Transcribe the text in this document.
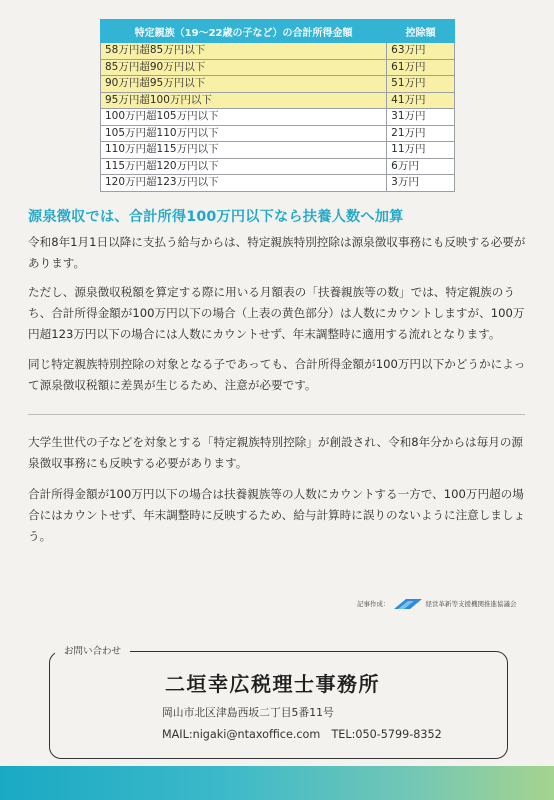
特定親族（19～22歳の子など）の合計所得金額	控除額
58万円超85万円以下	63万円
85万円超90万円以下	61万円
90万円超95万円以下	51万円
95万円超100万円以下	41万円
100万円超105万円以下	31万円
105万円超110万円以下	21万円
110万円超115万円以下	11万円
115万円超120万円以下	6万円
120万円超123万円以下	3万円
源泉徴収では、合計所得100万円以下なら扶養人数へ加算

令和8年1月1日以降に支払う給与からは、特定親族特別控除は源泉徴収事務にも反映する必要があります。

ただし、源泉徴収税額を算定する際に用いる月額表の「扶養親族等の数」では、特定親族のうち、合計所得金額が100万円以下の場合（上表の黄色部分）は人数にカウントしますが、100万円超123万円以下の場合には人数にカウントせず、年末調整時に適用する流れとなります。

同じ特定親族特別控除の対象となる子であっても、合計所得金額が100万円以下かどうかによって源泉徴収税額に差異が生じるため、注意が必要です。

大学生世代の子などを対象とする「特定親族特別控除」が創設され、令和8年分からは毎月の源泉徴収事務にも反映する必要があります。

合計所得金額が100万円以下の場合は扶養親族等の人数にカウントする一方で、100万円超の場合にはカウントせず、年末調整時に反映するため、給与計算時に誤りのないように注意しましょう。

記事作成：	経営革新等支援機関推進協議会
お問い合わせ
二垣幸広税理士事務所
岡山市北区津島西坂二丁目5番11号
MAIL:nigaki@ntaxoffice.com　TEL:050-5799-8352
